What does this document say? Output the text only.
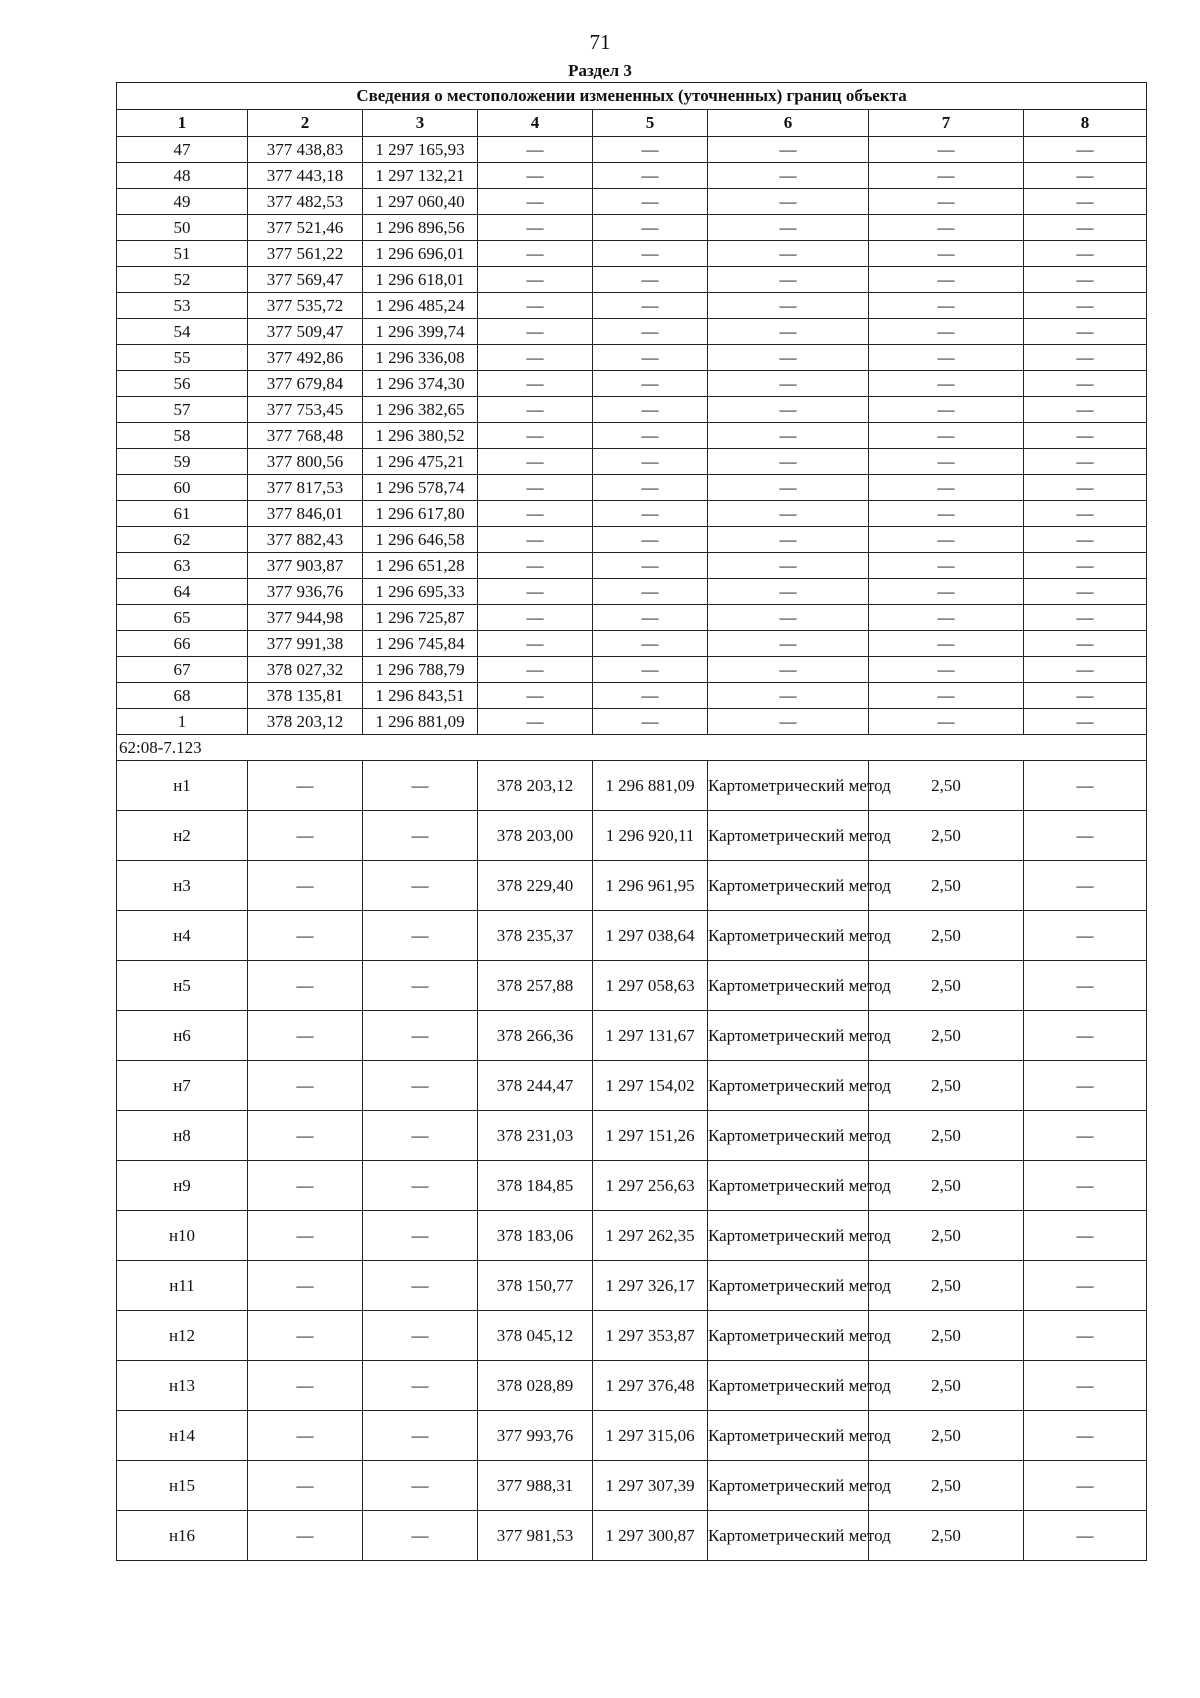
71
Раздел 3
Сведения о местоположении измененных (уточненных) границ объекта							
1	2	3	4	5	6	7	8
47	377 438,83	1 297 165,93	—	—	—	—	—
48	377 443,18	1 297 132,21	—	—	—	—	—
49	377 482,53	1 297 060,40	—	—	—	—	—
50	377 521,46	1 296 896,56	—	—	—	—	—
51	377 561,22	1 296 696,01	—	—	—	—	—
52	377 569,47	1 296 618,01	—	—	—	—	—
53	377 535,72	1 296 485,24	—	—	—	—	—
54	377 509,47	1 296 399,74	—	—	—	—	—
55	377 492,86	1 296 336,08	—	—	—	—	—
56	377 679,84	1 296 374,30	—	—	—	—	—
57	377 753,45	1 296 382,65	—	—	—	—	—
58	377 768,48	1 296 380,52	—	—	—	—	—
59	377 800,56	1 296 475,21	—	—	—	—	—
60	377 817,53	1 296 578,74	—	—	—	—	—
61	377 846,01	1 296 617,80	—	—	—	—	—
62	377 882,43	1 296 646,58	—	—	—	—	—
63	377 903,87	1 296 651,28	—	—	—	—	—
64	377 936,76	1 296 695,33	—	—	—	—	—
65	377 944,98	1 296 725,87	—	—	—	—	—
66	377 991,38	1 296 745,84	—	—	—	—	—
67	378 027,32	1 296 788,79	—	—	—	—	—
68	378 135,81	1 296 843,51	—	—	—	—	—
1	378 203,12	1 296 881,09	—	—	—	—	—
62:08-7.123							
н1	—	—	378 203,12	1 296 881,09	Картометрический метод	2,50	—
н2	—	—	378 203,00	1 296 920,11	Картометрический метод	2,50	—
н3	—	—	378 229,40	1 296 961,95	Картометрический метод	2,50	—
н4	—	—	378 235,37	1 297 038,64	Картометрический метод	2,50	—
н5	—	—	378 257,88	1 297 058,63	Картометрический метод	2,50	—
н6	—	—	378 266,36	1 297 131,67	Картометрический метод	2,50	—
н7	—	—	378 244,47	1 297 154,02	Картометрический метод	2,50	—
н8	—	—	378 231,03	1 297 151,26	Картометрический метод	2,50	—
н9	—	—	378 184,85	1 297 256,63	Картометрический метод	2,50	—
н10	—	—	378 183,06	1 297 262,35	Картометрический метод	2,50	—
н11	—	—	378 150,77	1 297 326,17	Картометрический метод	2,50	—
н12	—	—	378 045,12	1 297 353,87	Картометрический метод	2,50	—
н13	—	—	378 028,89	1 297 376,48	Картометрический метод	2,50	—
н14	—	—	377 993,76	1 297 315,06	Картометрический метод	2,50	—
н15	—	—	377 988,31	1 297 307,39	Картометрический метод	2,50	—
н16	—	—	377 981,53	1 297 300,87	Картометрический метод	2,50	—
